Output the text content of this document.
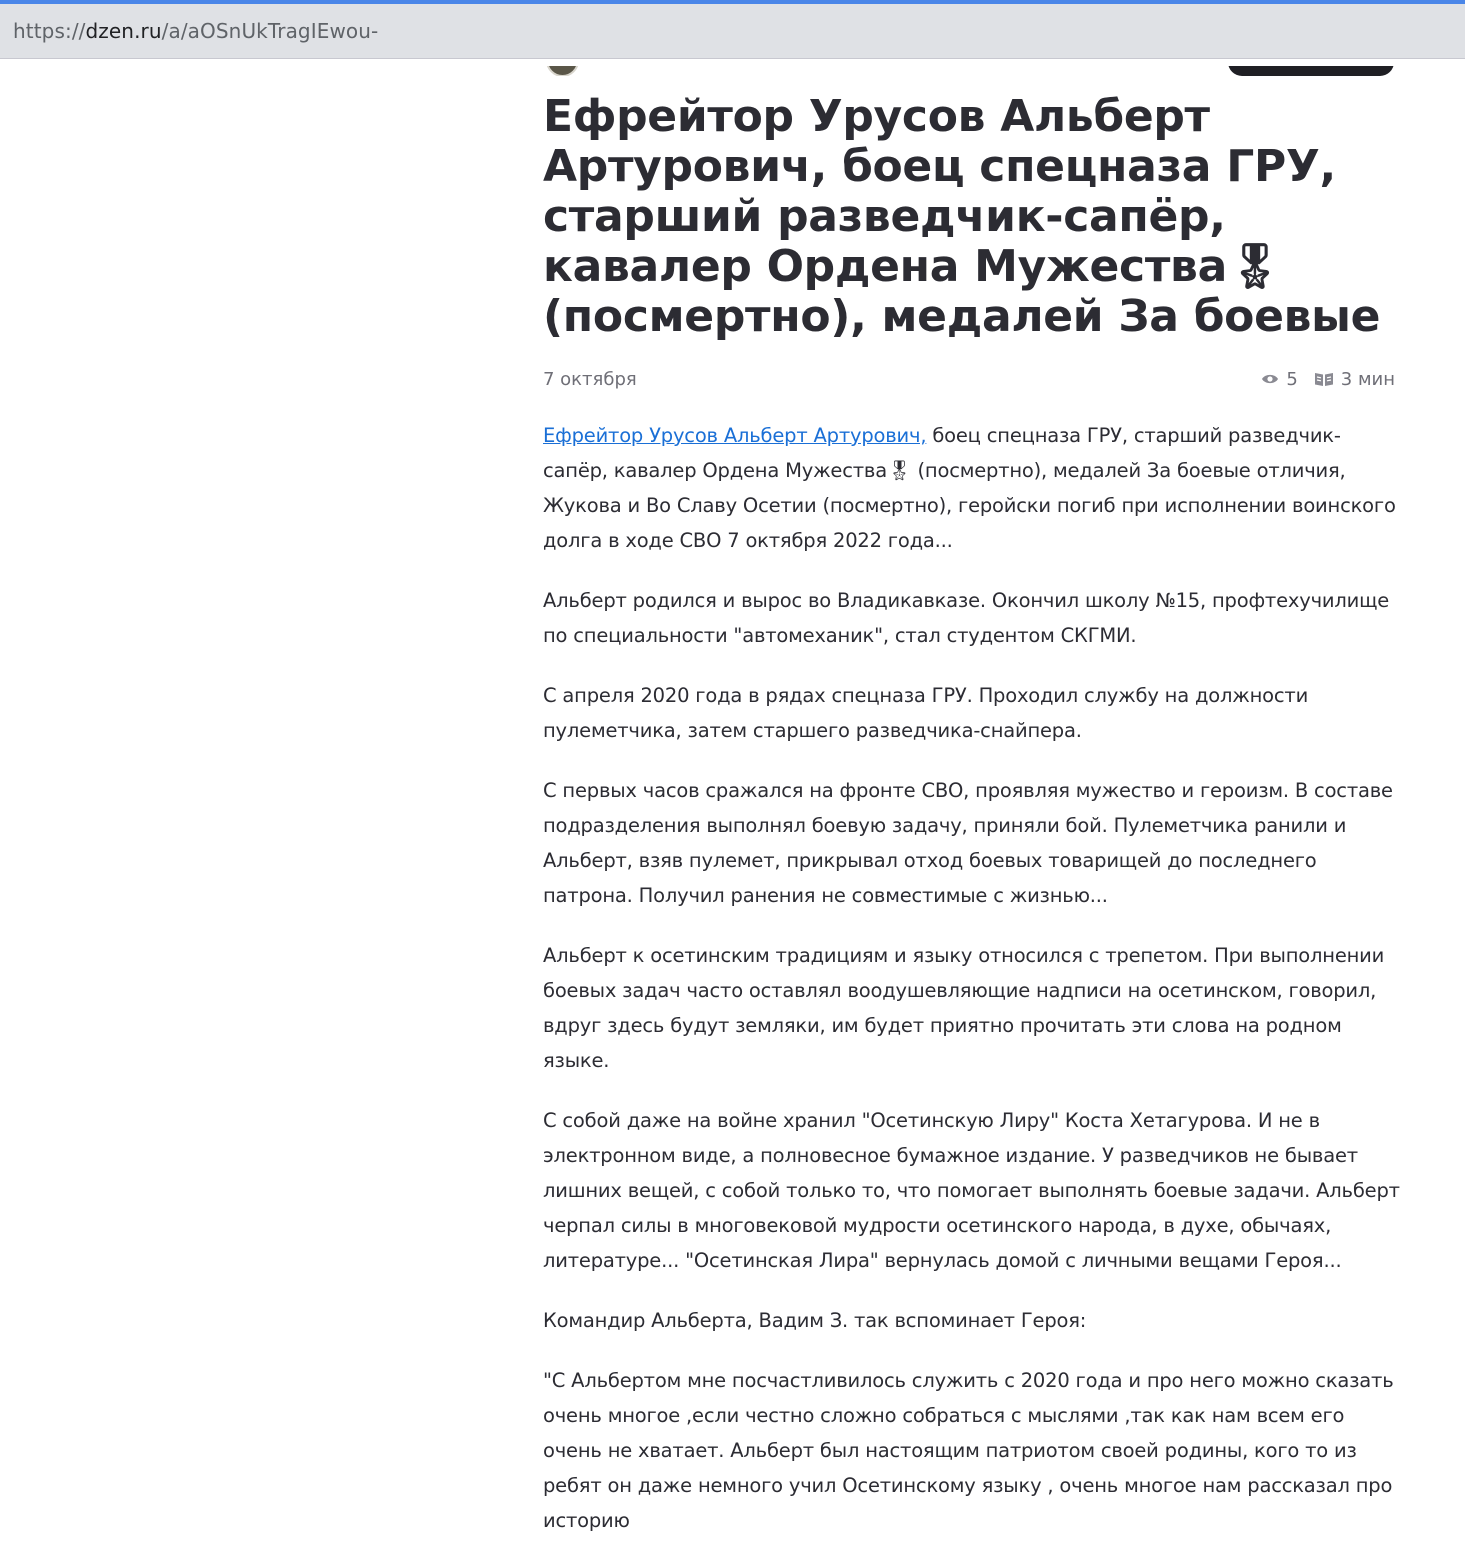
https://dzen.ru/a/aOSnUkTragIEwou-
Ефрейтор Урусов Альберт Артурович, боец спецназа ГРУ, старший разведчик-сапёр, кавалер Ордена Мужества🎖 (посмертно), медалей За боевые
7 октября	5 3 мин

Ефрейтор Урусов Альберт Артурович, боец спецназа ГРУ, старший разведчик-сапёр, кавалер Ордена Мужества🎖 (посмертно), медалей За боевые отличия, Жукова и Во Славу Осетии (посмертно), геройски погиб при исполнении воинского долга в ходе СВО 7 октября 2022 года...

Альберт родился и вырос во Владикавказе. Окончил школу №15, профтехучилище по специальности "автомеханик", стал студентом СКГМИ.

С апреля 2020 года в рядах спецназа ГРУ. Проходил службу на должности пулеметчика, затем старшего разведчика-снайпера.

С первых часов сражался на фронте СВО, проявляя мужество и героизм. В составе подразделения выполнял боевую задачу, приняли бой. Пулеметчика ранили и Альберт, взяв пулемет, прикрывал отход боевых товарищей до последнего патрона. Получил ранения не совместимые с жизнью...

Альберт к осетинским традициям и языку относился с трепетом. При выполнении боевых задач часто оставлял воодушевляющие надписи на осетинском, говорил, вдруг здесь будут земляки, им будет приятно прочитать эти слова на родном языке.

С собой даже на войне хранил "Осетинскую Лиру" Коста Хетагурова. И не в электронном виде, а полновесное бумажное издание. У разведчиков не бывает лишних вещей, с собой только то, что помогает выполнять боевые задачи. Альберт черпал силы в многовековой мудрости осетинского народа, в духе, обычаях, литературе... "Осетинская Лира" вернулась домой с личными вещами Героя...

Командир Альберта, Вадим З. так вспоминает Героя:

"С Альбертом мне посчастливилось служить с 2020 года и про него можно сказать очень многое ,если честно сложно собраться с мыслями ,так как нам всем его очень не хватает. Альберт был настоящим патриотом своей родины, кого то из ребят он даже немного учил Осетинскому языку , очень многое нам рассказал про историю
